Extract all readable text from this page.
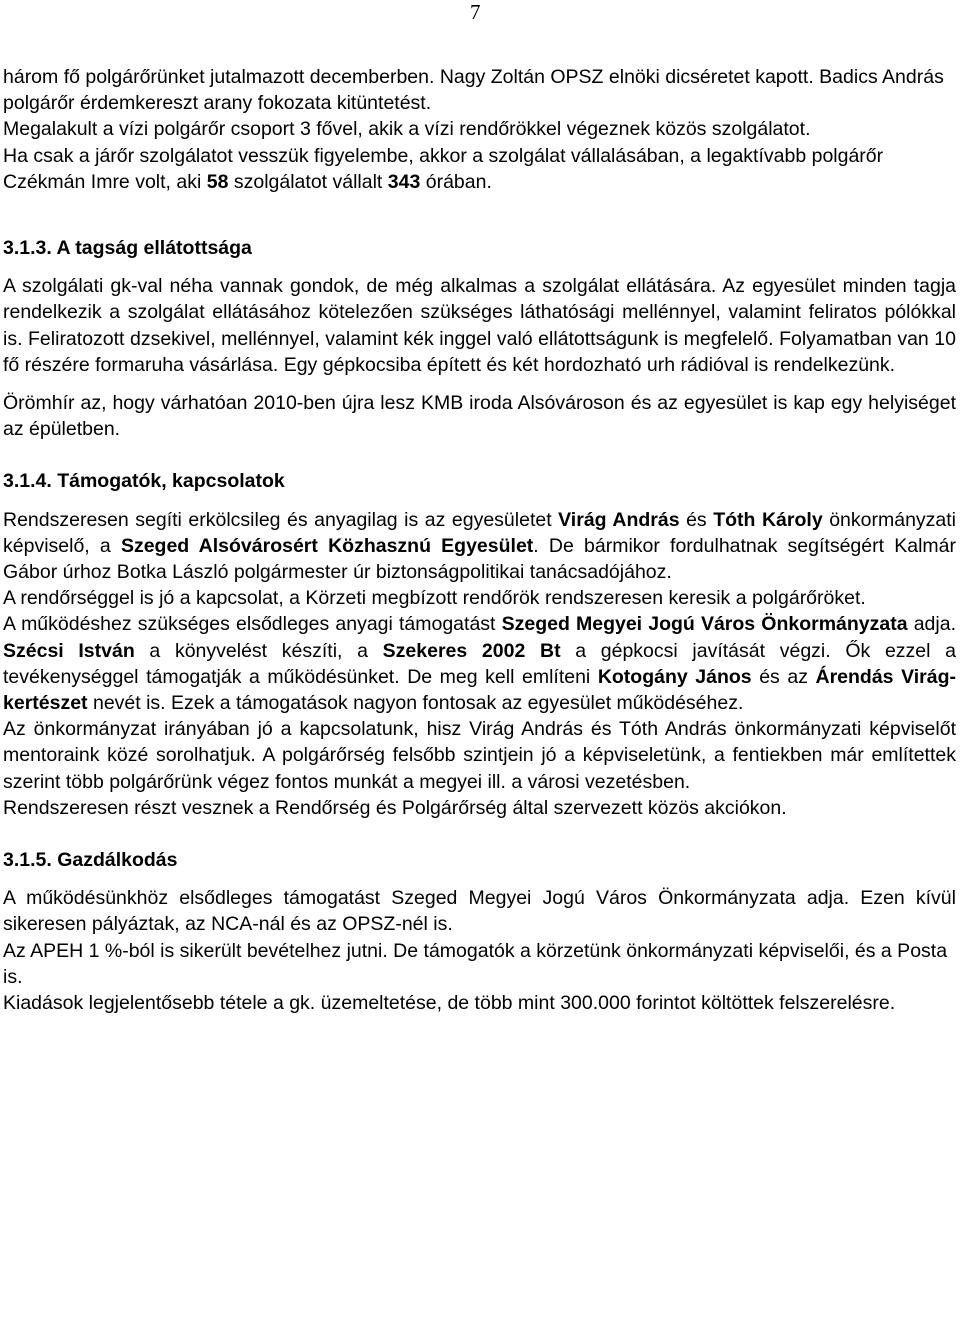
7

három fő polgárőrünket jutalmazott decemberben. Nagy Zoltán OPSZ elnöki dicséretet kapott. Badics András polgárőr érdemkereszt arany fokozata kitüntetést.

Megalakult a vízi polgárőr csoport 3 fővel, akik a vízi rendőrökkel végeznek közös szolgálatot.

Ha csak a járőr szolgálatot vesszük figyelembe, akkor a szolgálat vállalásában, a legaktívabb polgárőr Czékmán Imre volt, aki 58 szolgálatot vállalt 343 órában.

3.1.3. A tagság ellátottsága

A szolgálati gk-val néha vannak gondok, de még alkalmas a szolgálat ellátására. Az egyesület minden tagja rendelkezik a szolgálat ellátásához kötelezően szükséges láthatósági mellénnyel, valamint feliratos pólókkal is. Feliratozott dzsekivel, mellénnyel, valamint kék inggel való ellátottságunk is megfelelő. Folyamatban van 10 fő részére formaruha vásárlása. Egy gépkocsiba épített és két hordozható urh rádióval is rendelkezünk.

Örömhír az, hogy várhatóan 2010-ben újra lesz KMB iroda Alsóvároson és az egyesület is kap egy helyiséget az épületben.

3.1.4. Támogatók, kapcsolatok

Rendszeresen segíti erkölcsileg és anyagilag is az egyesületet Virág András és Tóth Károly önkormányzati képviselő, a Szeged Alsóvárosért Közhasznú Egyesület. De bármikor fordulhatnak segítségért Kalmár Gábor úrhoz Botka László polgármester úr biztonságpolitikai tanácsadójához.

A rendőrséggel is jó a kapcsolat, a Körzeti megbízott rendőrök rendszeresen keresik a polgárőröket.

A működéshez szükséges elsődleges anyagi támogatást Szeged Megyei Jogú Város Önkormányzata adja. Szécsi István a könyvelést készíti, a Szekeres 2002 Bt a gépkocsi javítását végzi. Ők ezzel a tevékenységgel támogatják a működésünket. De meg kell említeni Kotogány János és az Árendás Virág-kertészet nevét is. Ezek a támogatások nagyon fontosak az egyesület működéséhez.

Az önkormányzat irányában jó a kapcsolatunk, hisz Virág András és Tóth András önkormányzati képviselőt mentoraink közé sorolhatjuk. A polgárőrség felsőbb szintjein jó a képviseletünk, a fentiekben már említettek szerint több polgárőrünk végez fontos munkát a megyei ill. a városi vezetésben.

Rendszeresen részt vesznek a Rendőrség és Polgárőrség által szervezett közös akciókon.

3.1.5. Gazdálkodás

A működésünkhöz elsődleges támogatást Szeged Megyei Jogú Város Önkormányzata adja. Ezen kívül sikeresen pályáztak, az NCA-nál és az OPSZ-nél is.

Az APEH 1 %-ból is sikerült bevételhez jutni. De támogatók a körzetünk önkormányzati képviselői, és a Posta is.

Kiadások legjelentősebb tétele a gk. üzemeltetése, de több mint 300.000 forintot költöttek felszerelésre.
